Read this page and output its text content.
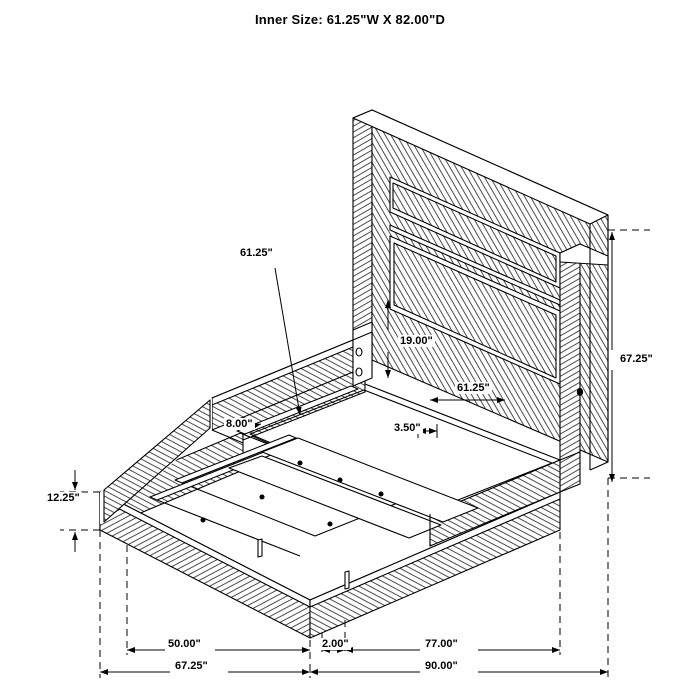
Inner Size: 61.25"W X 82.00"D
61.25"
8.00"
61.25"
3.50"
19.00"
67.25"
12.25"
50.00"	2.00"	77.00"
67.25"	90.00"
